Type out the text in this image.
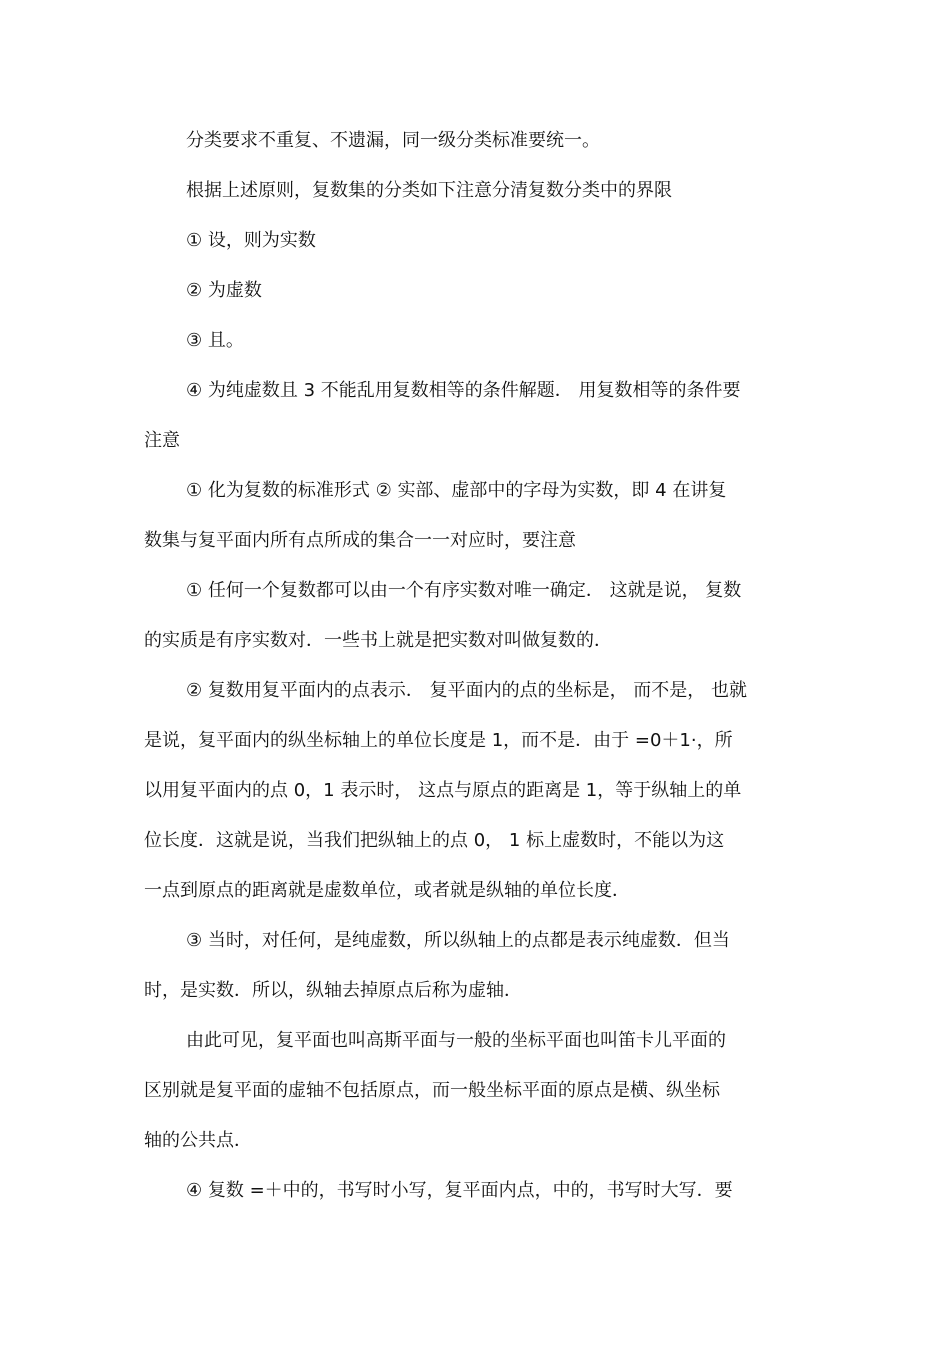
分类要求不重复、不遗漏，同一级分类标准要统一。
根据上述原则，复数集的分类如下注意分清复数分类中的界限
① 设，则为实数
② 为虚数
③ 且。
④ 为纯虚数且 3 不能乱用复数相等的条件解题． 用复数相等的条件要
注意
① 化为复数的标准形式 ② 实部、虚部中的字母为实数，即 4 在讲复
数集与复平面内所有点所成的集合一一对应时，要注意
① 任何一个复数都可以由一个有序实数对唯一确定． 这就是说， 复数
的实质是有序实数对．一些书上就是把实数对叫做复数的．
② 复数用复平面内的点表示． 复平面内的点的坐标是， 而不是， 也就
是说，复平面内的纵坐标轴上的单位长度是 1，而不是．由于 =0＋1·，所
以用复平面内的点 0，1 表示时， 这点与原点的距离是 1，等于纵轴上的单
位长度．这就是说，当我们把纵轴上的点 0， 1 标上虚数时，不能以为这
一点到原点的距离就是虚数单位，或者就是纵轴的单位长度．
③ 当时，对任何，是纯虚数，所以纵轴上的点都是表示纯虚数．但当
时，是实数．所以，纵轴去掉原点后称为虚轴．
由此可见，复平面也叫高斯平面与一般的坐标平面也叫笛卡儿平面的
区别就是复平面的虚轴不包括原点，而一般坐标平面的原点是横、纵坐标
轴的公共点．
④ 复数 =＋中的，书写时小写，复平面内点，中的，书写时大写．要
